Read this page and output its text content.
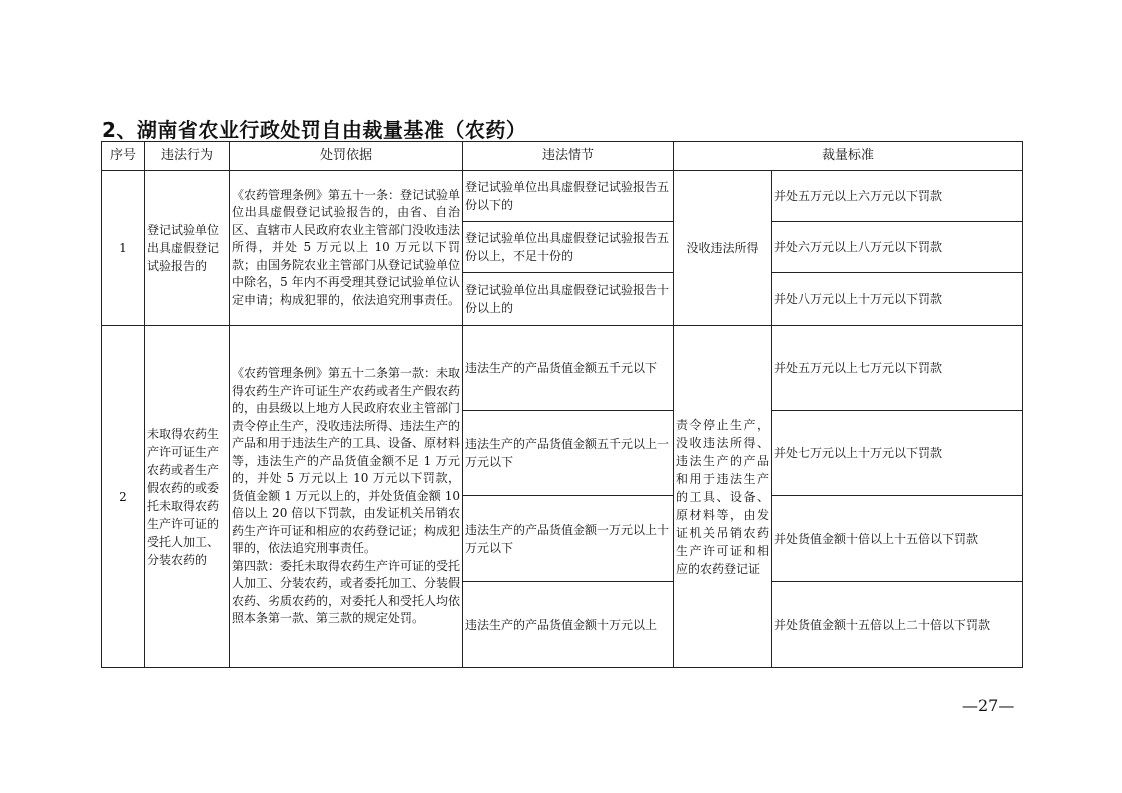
2、湖南省农业行政处罚自由裁量基准（农药）
序号	违法行为	处罚依据	违法情节	裁量标准	
1	登记试验单位出具虚假登记试验报告的	《农药管理条例》第五十一条：登记试验单位出具虚假登记试验报告的，由省、自治区、直辖市人民政府农业主管部门没收违法所得，并处 5 万元以上 10 万元以下罚款；由国务院农业主管部门从登记试验单位中除名，5 年内不再受理其登记试验单位认定申请；构成犯罪的，依法追究刑事责任。	登记试验单位出具虚假登记试验报告五份以下的	没收违法所得	并处五万元以上六万元以下罚款
			登记试验单位出具虚假登记试验报告五份以上，不足十份的		并处六万元以上八万元以下罚款
			登记试验单位出具虚假登记试验报告十份以上的		并处八万元以上十万元以下罚款
2	未取得农药生产许可证生产农药或者生产假农药的或委托未取得农药生产许可证的受托人加工、分装农药的	《农药管理条例》第五十二条第一款：未取得农药生产许可证生产农药或者生产假农药的，由县级以上地方人民政府农业主管部门责令停止生产，没收违法所得、违法生产的产品和用于违法生产的工具、设备、原材料等，违法生产的产品货值金额不足 1 万元的，并处 5 万元以上 10 万元以下罚款，货值金额 1 万元以上的，并处货值金额 10 倍以上 20 倍以下罚款，由发证机关吊销农药生产许可证和相应的农药登记证；构成犯罪的，依法追究刑事责任。
第四款：委托未取得农药生产许可证的受托人加工、分装农药，或者委托加工、分装假农药、劣质农药的，对委托人和受托人均依照本条第一款、第三款的规定处罚。	违法生产的产品货值金额五千元以下	责令停止生产，没收违法所得、违法生产的产品和用于违法生产的工具、设备、原材料等，由发证机关吊销农药生产许可证和相应的农药登记证	并处五万元以上七万元以下罚款
			违法生产的产品货值金额五千元以上一万元以下		并处七万元以上十万元以下罚款
			违法生产的产品货值金额一万元以上十万元以下		并处货值金额十倍以上十五倍以下罚款
			违法生产的产品货值金额十万元以上		并处货值金额十五倍以上二十倍以下罚款
—27—
